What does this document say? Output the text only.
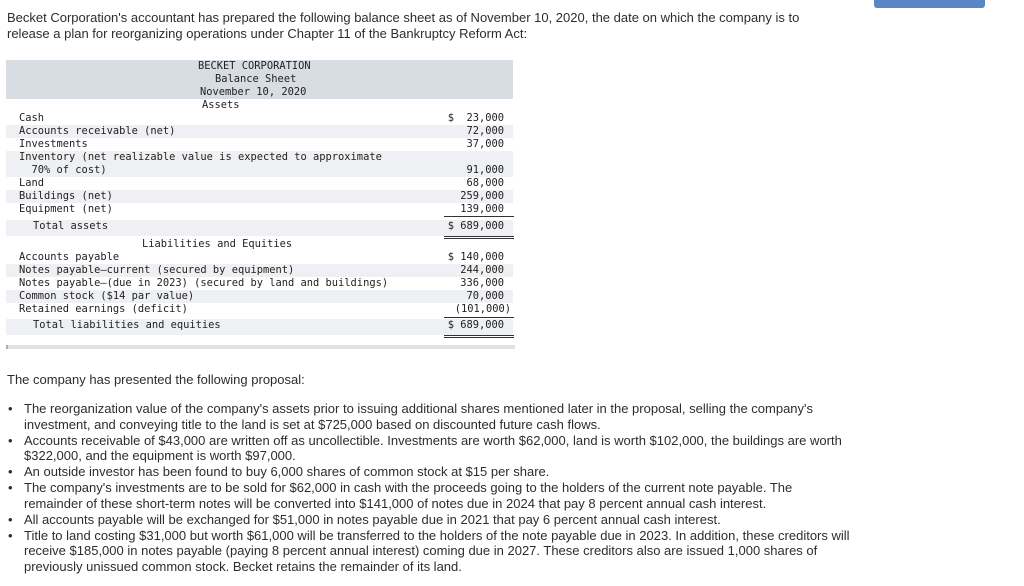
Becket Corporation's accountant has prepared the following balance sheet as of November 10, 2020, the date on which the company is to release a plan for reorganizing operations under Chapter 11 of the Bankruptcy Reform Act:
BECKET CORPORATION
Balance Sheet
November 10, 2020
Assets
Cash	$  23,000
Accounts receivable (net)	72,000
Investments	37,000
Inventory (net realizable value is expected to approximate
70% of cost)	91,000
Land	68,000
Buildings (net)	259,000
Equipment (net)	139,000
Total assets	$ 689,000
Liabilities and Equities
Accounts payable	$ 140,000
Notes payable—current (secured by equipment)	244,000
Notes payable—(due in 2023) (secured by land and buildings)	336,000
Common stock ($14 par value)	70,000
Retained earnings (deficit)	(101,000)
Total liabilities and equities	$ 689,000
The company has presented the following proposal:
• The reorganization value of the company's assets prior to issuing additional shares mentioned later in the proposal, selling the company's investment, and conveying title to the land is set at $725,000 based on discounted future cash flows.
• Accounts receivable of $43,000 are written off as uncollectible. Investments are worth $62,000, land is worth $102,000, the buildings are worth $322,000, and the equipment is worth $97,000.
• An outside investor has been found to buy 6,000 shares of common stock at $15 per share.
• The company's investments are to be sold for $62,000 in cash with the proceeds going to the holders of the current note payable. The remainder of these short-term notes will be converted into $141,000 of notes due in 2024 that pay 8 percent annual cash interest.
• All accounts payable will be exchanged for $51,000 in notes payable due in 2021 that pay 6 percent annual cash interest.
• Title to land costing $31,000 but worth $61,000 will be transferred to the holders of the note payable due in 2023. In addition, these creditors will receive $185,000 in notes payable (paying 8 percent annual interest) coming due in 2027. These creditors also are issued 1,000 shares of previously unissued common stock. Becket retains the remainder of its land.
